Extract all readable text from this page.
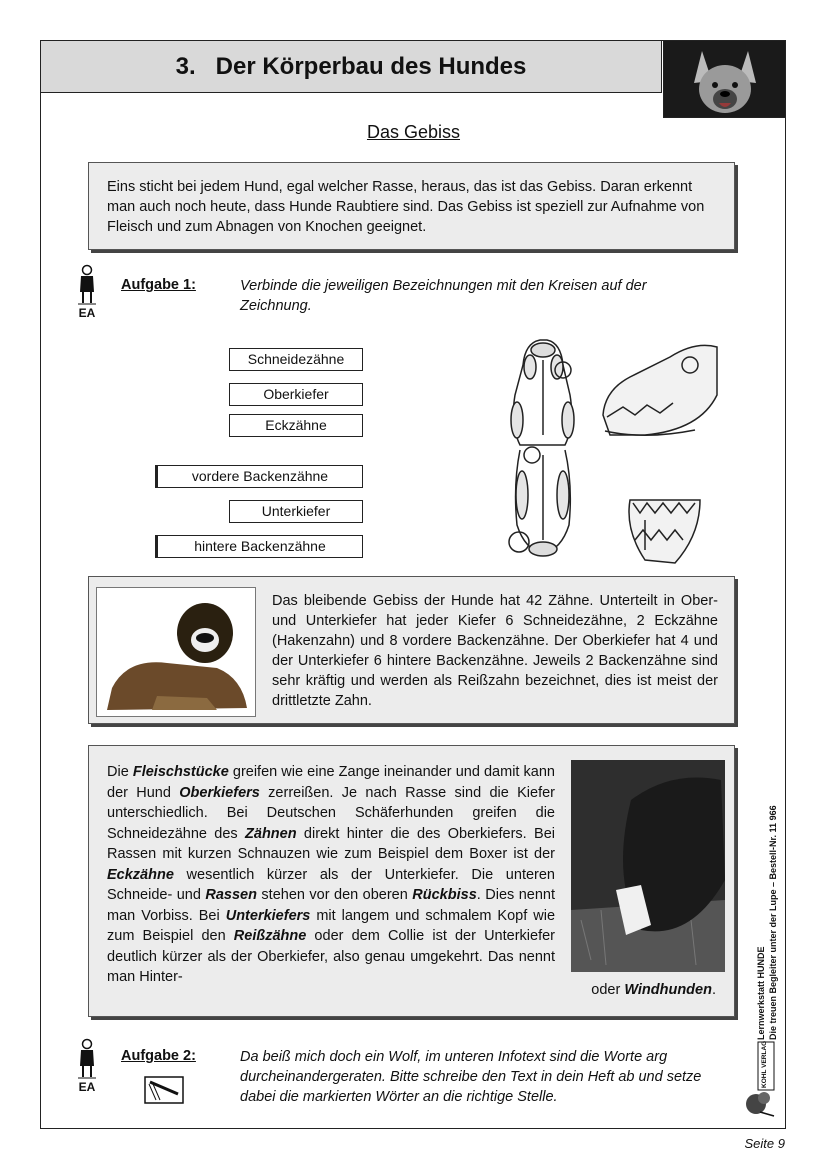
3. Der Körperbau des Hundes
Das Gebiss
Eins sticht bei jedem Hund, egal welcher Rasse, heraus, das ist das Gebiss. Daran erkennt man auch noch heute, dass Hunde Raubtiere sind. Das Gebiss ist speziell zur Aufnahme von Fleisch und zum Abnagen von Knochen geeignet.
EA
Aufgabe 1:	Verbinde die jeweiligen Bezeichnungen mit den Kreisen auf der Zeichnung.
Schneidezähne
Oberkiefer
Eckzähne
vordere Backenzähne
Unterkiefer
hintere Backenzähne
Das bleibende Gebiss der Hunde hat 42 Zähne. Unterteilt in Ober- und Unterkiefer hat jeder Kiefer 6 Schneidezähne, 2 Eckzähne (Hakenzahn) und 8 vordere Backenzähne. Der Oberkiefer hat 4 und der Unterkiefer 6 hintere Backenzähne. Jeweils 2 Backenzähne sind sehr kräftig und werden als Reißzahn bezeichnet, dies ist meist der drittletzte Zahn.
Die Fleischstücke greifen wie eine Zange ineinander und damit kann der Hund Oberkiefers zerreißen. Je nach Rasse sind die Kiefer unterschiedlich. Bei Deutschen Schäferhunden greifen die Schneidezähne des Zähnen direkt hinter die des Oberkiefers. Bei Rassen mit kurzen Schnauzen wie zum Beispiel dem Boxer ist der Eckzähne wesentlich kürzer als der Unterkiefer. Die unteren Schneide- und Rassen stehen vor den oberen Rückbiss. Dies nennt man Vorbiss. Bei Unterkiefers mit langem und schmalem Kopf wie zum Beispiel den Reißzähne oder dem Collie ist der Unterkiefer deutlich kürzer als der Oberkiefer, also genau umgekehrt. Das nennt man Hinter-
oder Windhunden.
EA
Aufgabe 2:	Da beiß mich doch ein Wolf, im unteren Infotext sind die Worte arg durcheinandergeraten. Bitte schreibe den Text in dein Heft ab und setze dabei die markierten Wörter an die richtige Stelle.
Lernwerkstatt HUNDE Die treuen Begleiter unter der Lupe – Bestell-Nr. 11 966
KOHL VERLAG
Seite 9
